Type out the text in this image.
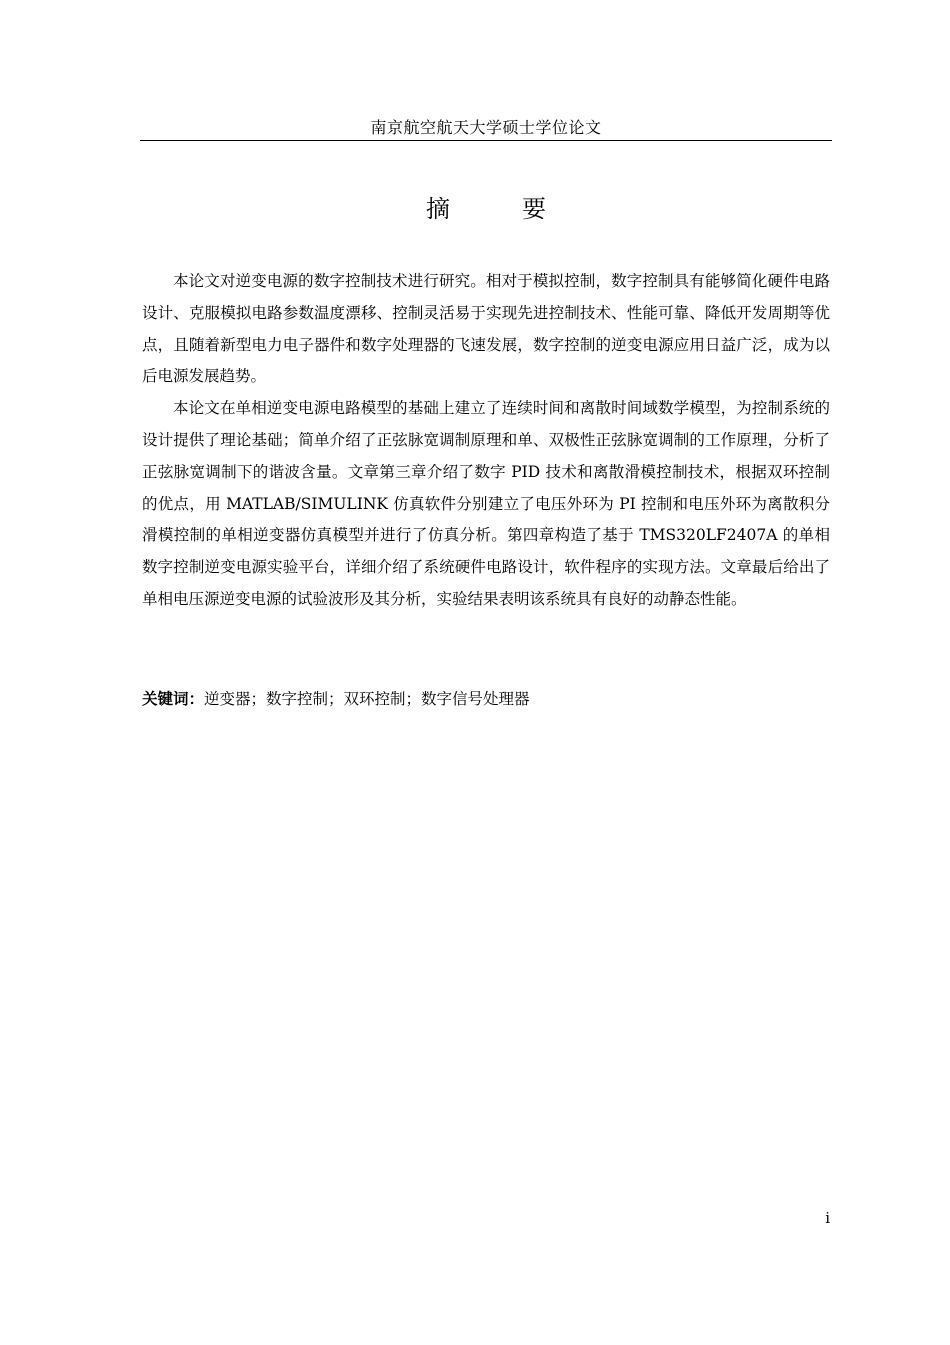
南京航空航天大学硕士学位论文
摘　要

本论文对逆变电源的数字控制技术进行研究。相对于模拟控制，数字控制具有能够简化硬件电路设计、克服模拟电路参数温度漂移、控制灵活易于实现先进控制技术、性能可靠、降低开发周期等优点，且随着新型电力电子器件和数字处理器的飞速发展，数字控制的逆变电源应用日益广泛，成为以后电源发展趋势。

本论文在单相逆变电源电路模型的基础上建立了连续时间和离散时间域数学模型，为控制系统的设计提供了理论基础；简单介绍了正弦脉宽调制原理和单、双极性正弦脉宽调制的工作原理，分析了正弦脉宽调制下的谐波含量。文章第三章介绍了数字 PID 技术和离散滑模控制技术，根据双环控制的优点，用 MATLAB/SIMULINK 仿真软件分别建立了电压外环为 PI 控制和电压外环为离散积分滑模控制的单相逆变器仿真模型并进行了仿真分析。第四章构造了基于 TMS320LF2407A 的单相数字控制逆变电源实验平台，详细介绍了系统硬件电路设计，软件程序的实现方法。文章最后给出了单相电压源逆变电源的试验波形及其分析，实验结果表明该系统具有良好的动静态性能。

关键词：逆变器；数字控制；双环控制；数字信号处理器
i
